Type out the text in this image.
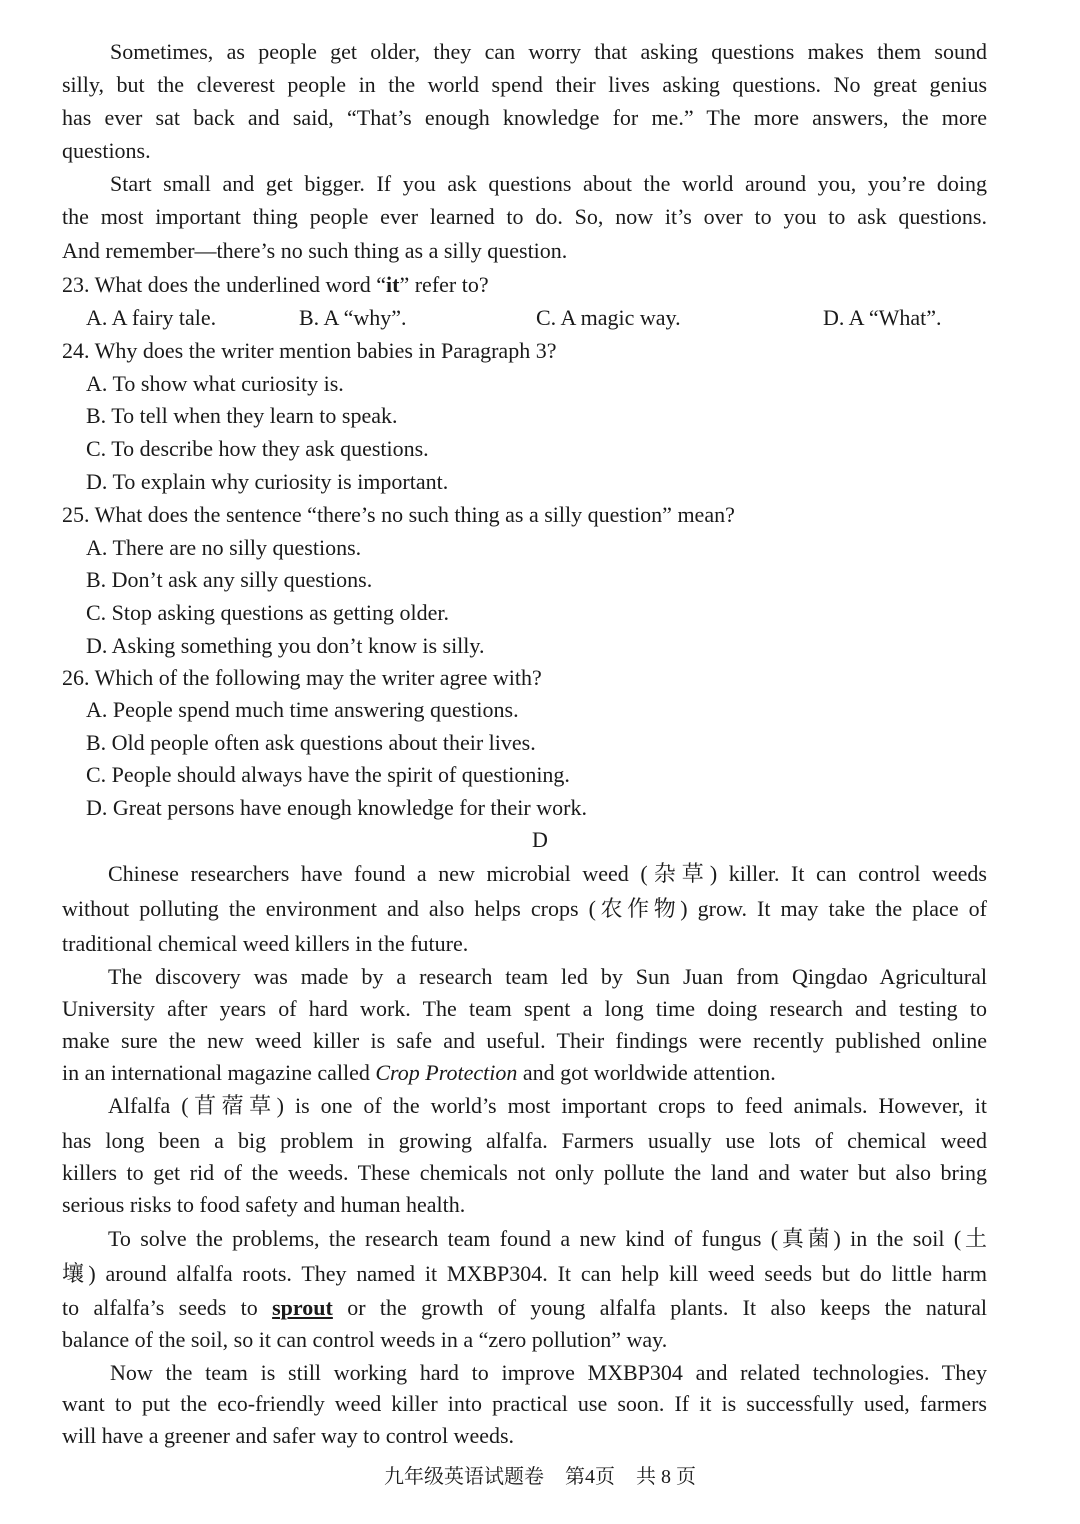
Sometimes, as people get older, they can worry that asking questions makes them sound
silly, but the cleverest people in the world spend their lives asking questions. No great genius
has ever sat back and said, “That’s enough knowledge for me.” The more answers, the more
questions.
Start small and get bigger. If you ask questions about the world around you, you’re doing
the most important thing people ever learned to do. So, now it’s over to you to ask questions.
And remember—there’s no such thing as a silly question.
23. What does the underlined word “it” refer to?
A. A fairy tale.	B. A “why”.	C. A magic way.	D. A “What”.
24. Why does the writer mention babies in Paragraph 3?
A. To show what curiosity is.
B. To tell when they learn to speak.
C. To describe how they ask questions.
D. To explain why curiosity is important.
25. What does the sentence “there’s no such thing as a silly question” mean?
A. There are no silly questions.
B. Don’t ask any silly questions.
C. Stop asking questions as getting older.
D. Asking something you don’t know is silly.
26. Which of the following may the writer agree with?
A. People spend much time answering questions.
B. Old people often ask questions about their lives.
C. People should always have the spirit of questioning.
D. Great persons have enough knowledge for their work.
D
Chinese researchers have found a new microbial weed (杂草) killer. It can control weeds
without polluting the environment and also helps crops (农作物) grow. It may take the place of
traditional chemical weed killers in the future.
The discovery was made by a research team led by Sun Juan from Qingdao Agricultural
University after years of hard work. The team spent a long time doing research and testing to
make sure the new weed killer is safe and useful. Their findings were recently published online
in an international magazine called Crop Protection and got worldwide attention.
Alfalfa (苜蓿草) is one of the world’s most important crops to feed animals. However, it
has long been a big problem in growing alfalfa. Farmers usually use lots of chemical weed
killers to get rid of the weeds. These chemicals not only pollute the land and water but also bring
serious risks to food safety and human health.
To solve the problems, the research team found a new kind of fungus (真菌) in the soil (土
壤) around alfalfa roots. They named it MXBP304. It can help kill weed seeds but do little harm
to alfalfa’s seeds to sprout or the growth of young alfalfa plants. It also keeps the natural
balance of the soil, so it can control weeds in a “zero pollution” way.
Now the team is still working hard to improve MXBP304 and related technologies. They
want to put the eco-friendly weed killer into practical use soon. If it is successfully used, farmers
will have a greener and safer way to control weeds.
九年级英语试题卷 第4页 共 8 页
